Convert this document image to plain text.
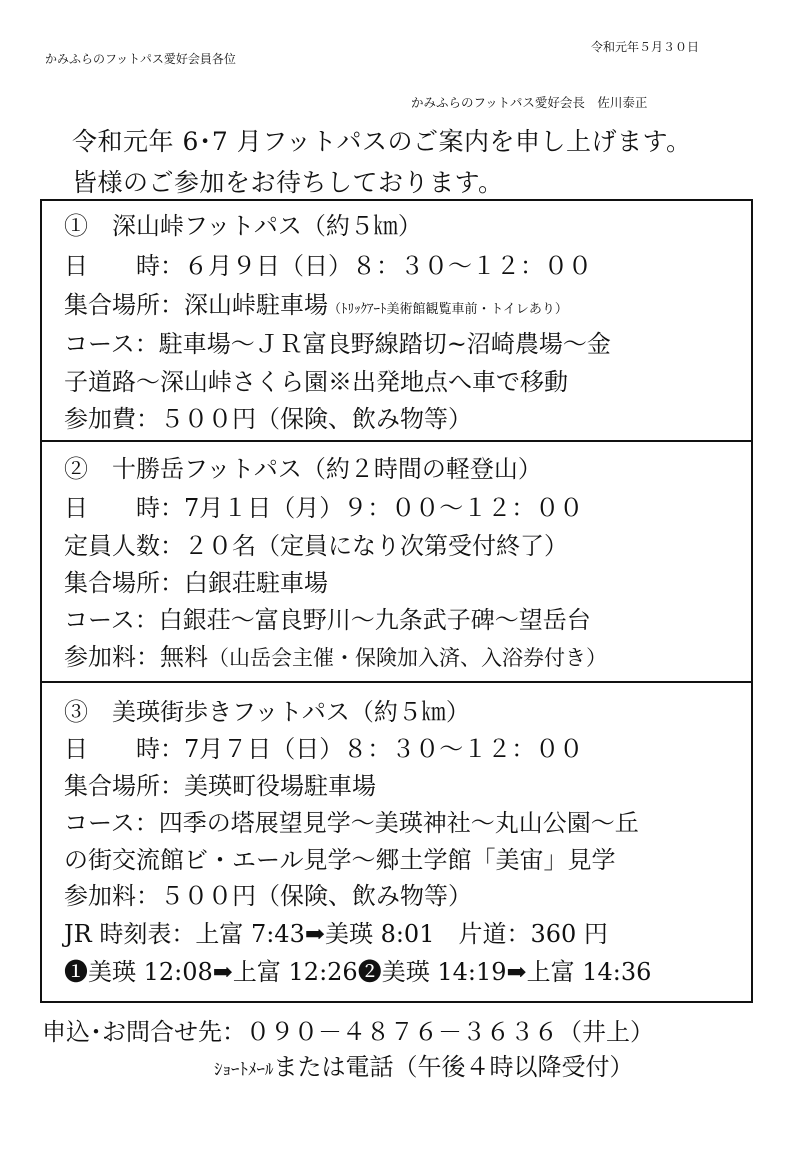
かみふらのフットパス愛好会員各位
令和元年５月３０日
かみふらのフットパス愛好会長　佐川泰正
令和元年 6･7 月フットパスのご案内を申し上げます。
皆様のご参加をお待ちしております。
①　深山峠フットパス（約５㎞）
日　　時：６月９日（日）８：３０～１２：００
集合場所：深山峠駐車場（ﾄﾘｯｸｱｰﾄ美術館観覧車前・トイレあり）
コース：駐車場～ＪＲ富良野線踏切~沼崎農場～金
子道路～深山峠さくら園※出発地点へ車で移動
参加費：５００円（保険、飲み物等）
②　十勝岳フットパス（約２時間の軽登山）
日　　時：7月１日（月）９：００～１２：００
定員人数：２０名（定員になり次第受付終了）
集合場所：白銀荘駐車場
コース：白銀荘～富良野川～九条武子碑～望岳台
参加料：無料（山岳会主催・保険加入済、入浴券付き）
③　美瑛街歩きフットパス（約５㎞）
日　　時：7月７日（日）８：３０～１２：００
集合場所：美瑛町役場駐車場
コース：四季の塔展望見学～美瑛神社～丸山公園～丘
の街交流館ビ・エール見学～郷土学館「美宙」見学
参加料：５００円（保険、飲み物等）
JR 時刻表：上富 7:43➡美瑛 8:01　片道：360 円
❶美瑛 12:08➡上富 12:26❷美瑛 14:19➡上富 14:36
申込･お問合せ先：０９０－４８７６－３６３６（井上）
ｼｮｰﾄﾒｰﾙまたは電話（午後４時以降受付）
